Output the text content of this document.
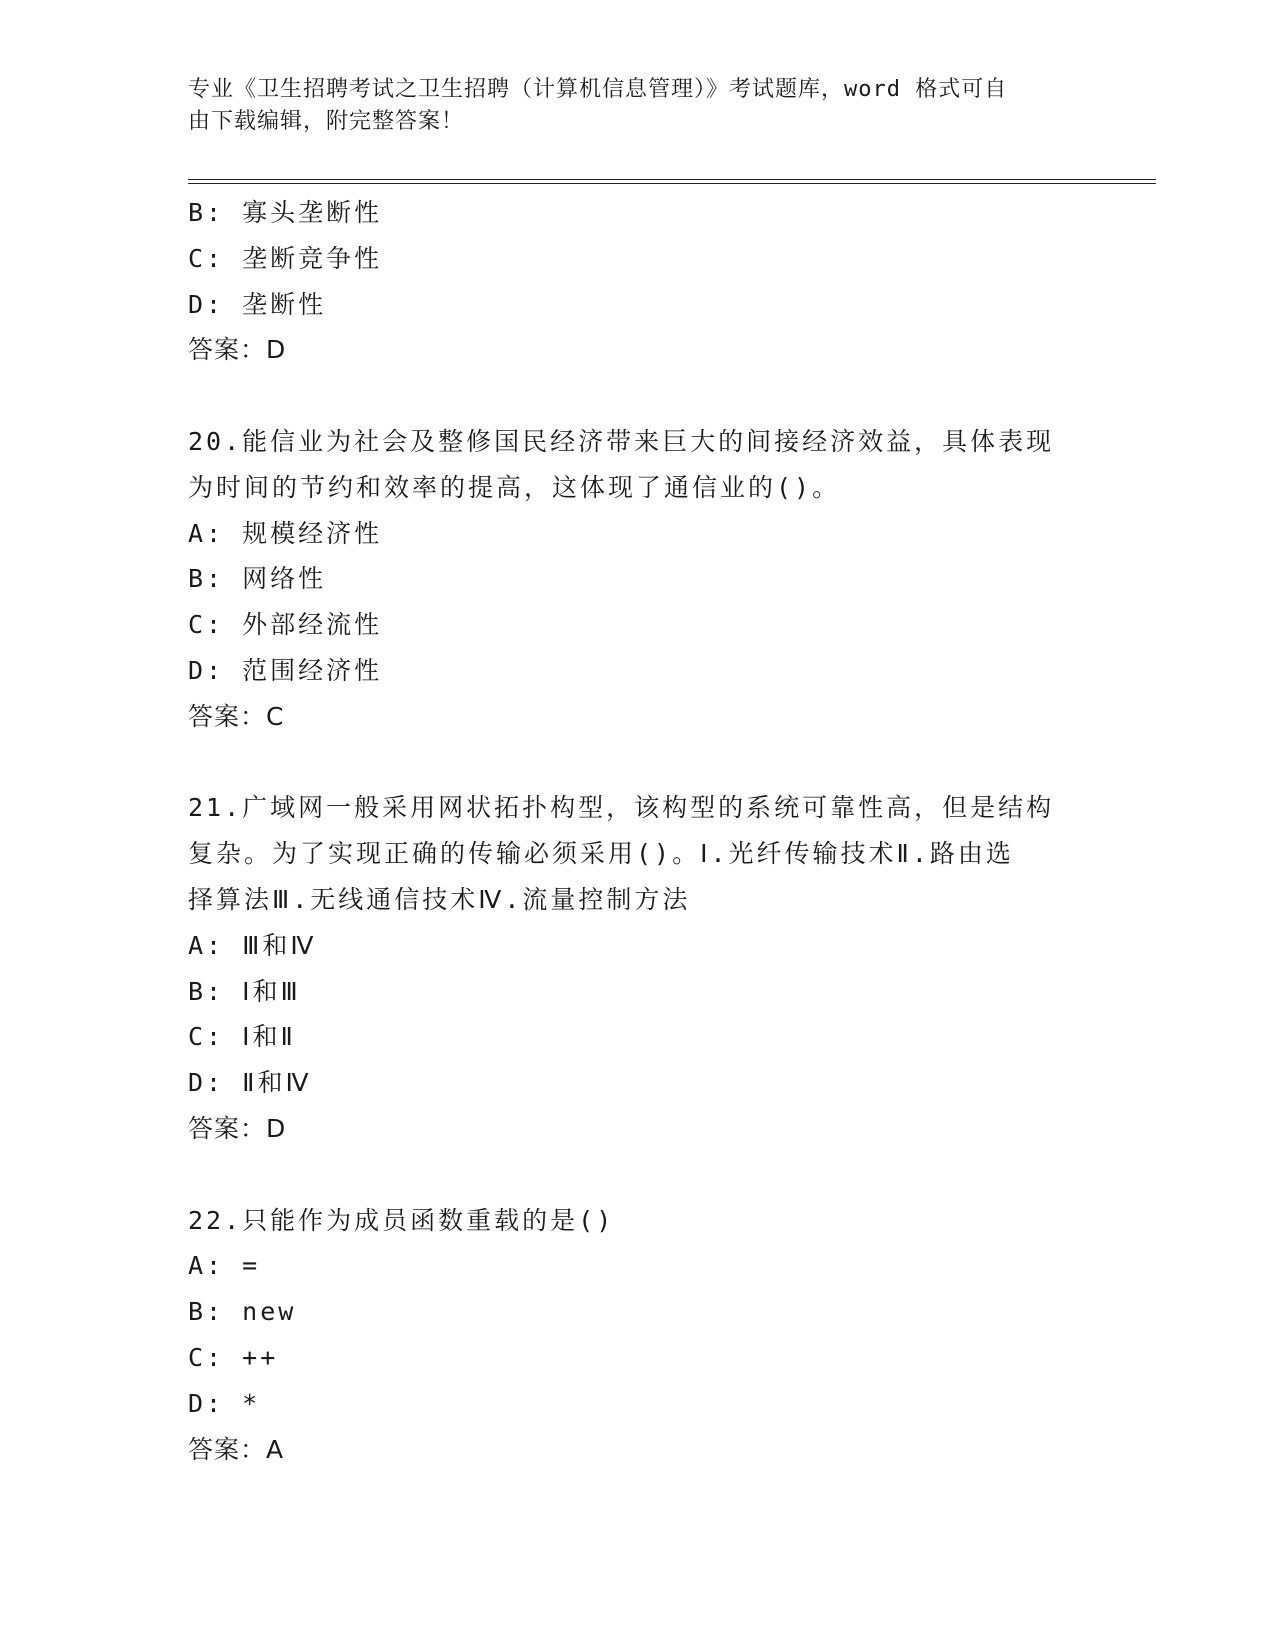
专业《卫生招聘考试之卫生招聘（计算机信息管理）》考试题库，word 格式可自
由下载编辑，附完整答案！
B: 寡头垄断性
C: 垄断竞争性
D: 垄断性
答案：D
20.能信业为社会及整修国民经济带来巨大的间接经济效益，具体表现
为时间的节约和效率的提高，这体现了通信业的()。
A: 规模经济性
B: 网络性
C: 外部经流性
D: 范围经济性
答案：C
21.广域网一般采用网状拓扑构型，该构型的系统可靠性高，但是结构
复杂。为了实现正确的传输必须采用()。Ⅰ.光纤传输技术Ⅱ.路由选
择算法Ⅲ.无线通信技术Ⅳ.流量控制方法
A: Ⅲ和Ⅳ
B: Ⅰ和Ⅲ
C: Ⅰ和Ⅱ
D: Ⅱ和Ⅳ
答案：D
22.只能作为成员函数重载的是()
A: =
B: new
C: ++
D: *
答案：A
